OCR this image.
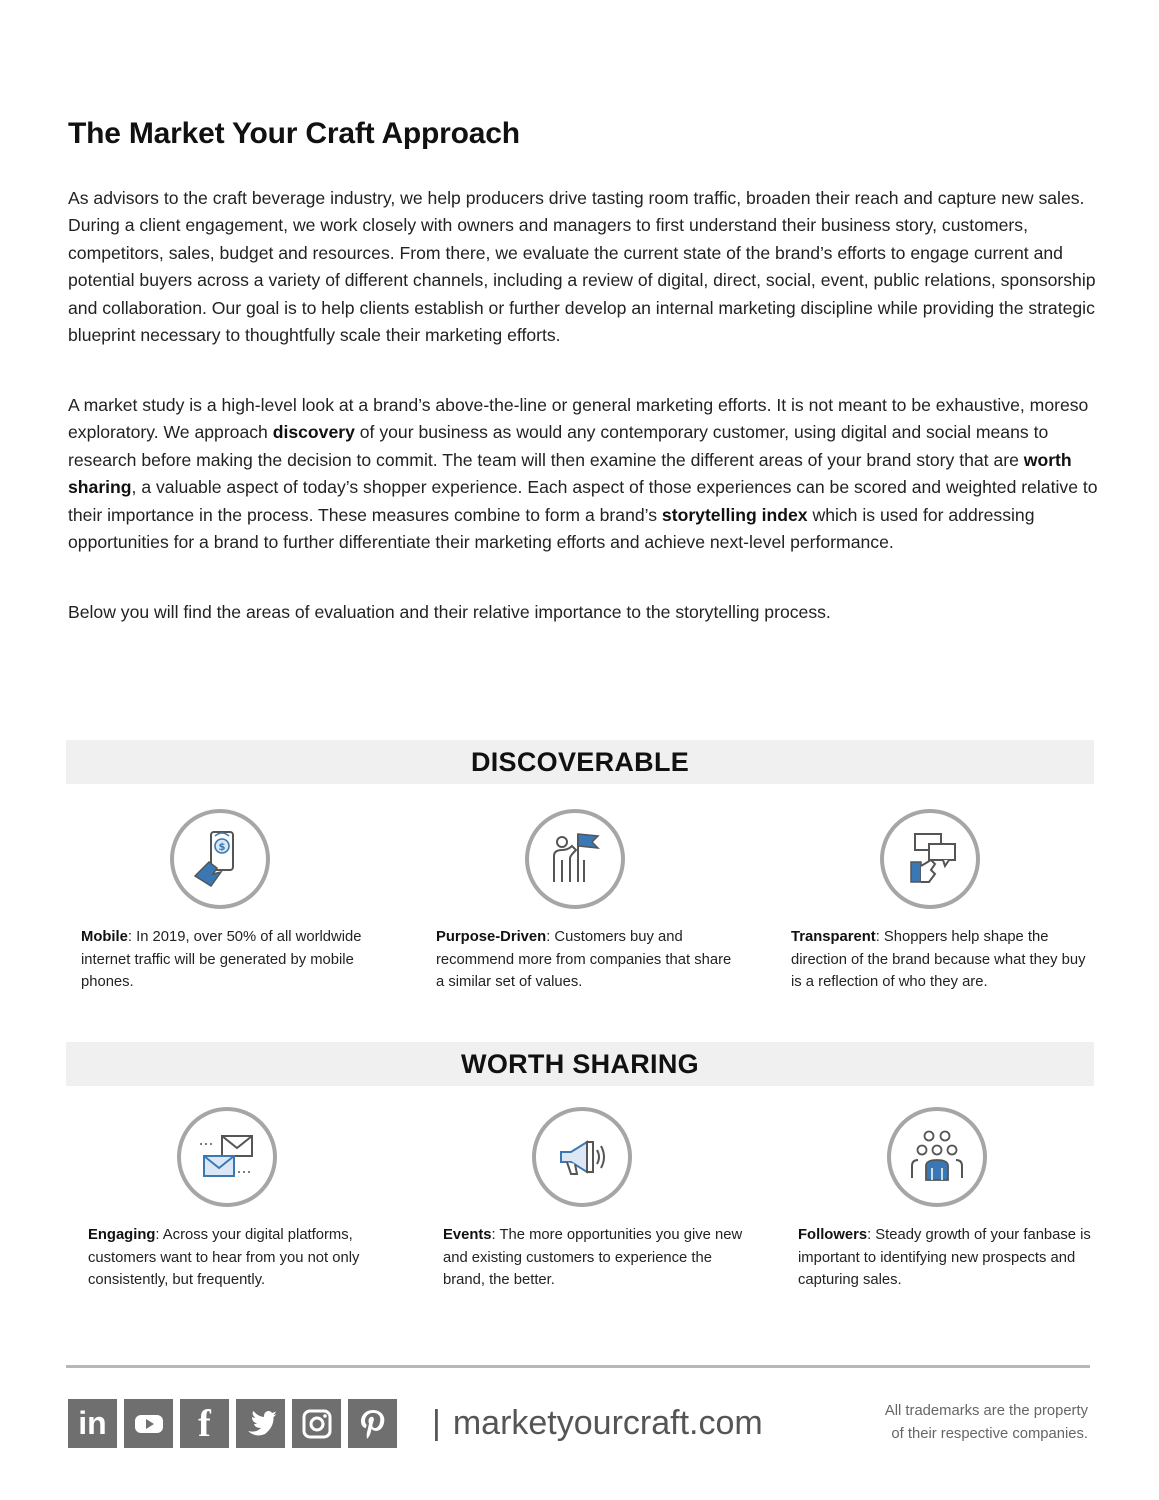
The Market Your Craft Approach

As advisors to the craft beverage industry, we help producers drive tasting room traffic, broaden their reach and capture new sales. During a client engagement, we work closely with owners and managers to first understand their business story, customers, competitors, sales, budget and resources. From there, we evaluate the current state of the brand’s efforts to engage current and potential buyers across a variety of different channels, including a review of digital, direct, social, event, public relations, sponsorship and collaboration. Our goal is to help clients establish or further develop an internal marketing discipline while providing the strategic blueprint necessary to thoughtfully scale their marketing efforts.

A market study is a high-level look at a brand’s above-the-line or general marketing efforts. It is not meant to be exhaustive, moreso exploratory. We approach discovery of your business as would any contemporary customer, using digital and social means to research before making the decision to commit. The team will then examine the different areas of your brand story that are worth sharing, a valuable aspect of today’s shopper experience. Each aspect of those experiences can be scored and weighted relative to their importance in the process. These measures combine to form a brand’s storytelling index which is used for addressing opportunities for a brand to further differentiate their marketing efforts and achieve next-level performance.

Below you will find the areas of evaluation and their relative importance to the storytelling process.

DISCOVERABLE
$
Mobile: In 2019, over 50% of all worldwide internet traffic will be generated by mobile phones.
Purpose-Driven: Customers buy and recommend more from companies that share a similar set of values.
Transparent: Shoppers help shape the direction of the brand because what they buy is a reflection of who they are.
WORTH SHARING
Engaging: Across your digital platforms, customers want to hear from you not only consistently, but frequently.
Events: The more opportunities you give new and existing customers to experience the brand, the better.
Followers: Steady growth of your fanbase is important to identifying new prospects and capturing sales.
in f	| marketyourcraft.com	All trademarks are the property
of their respective companies.
